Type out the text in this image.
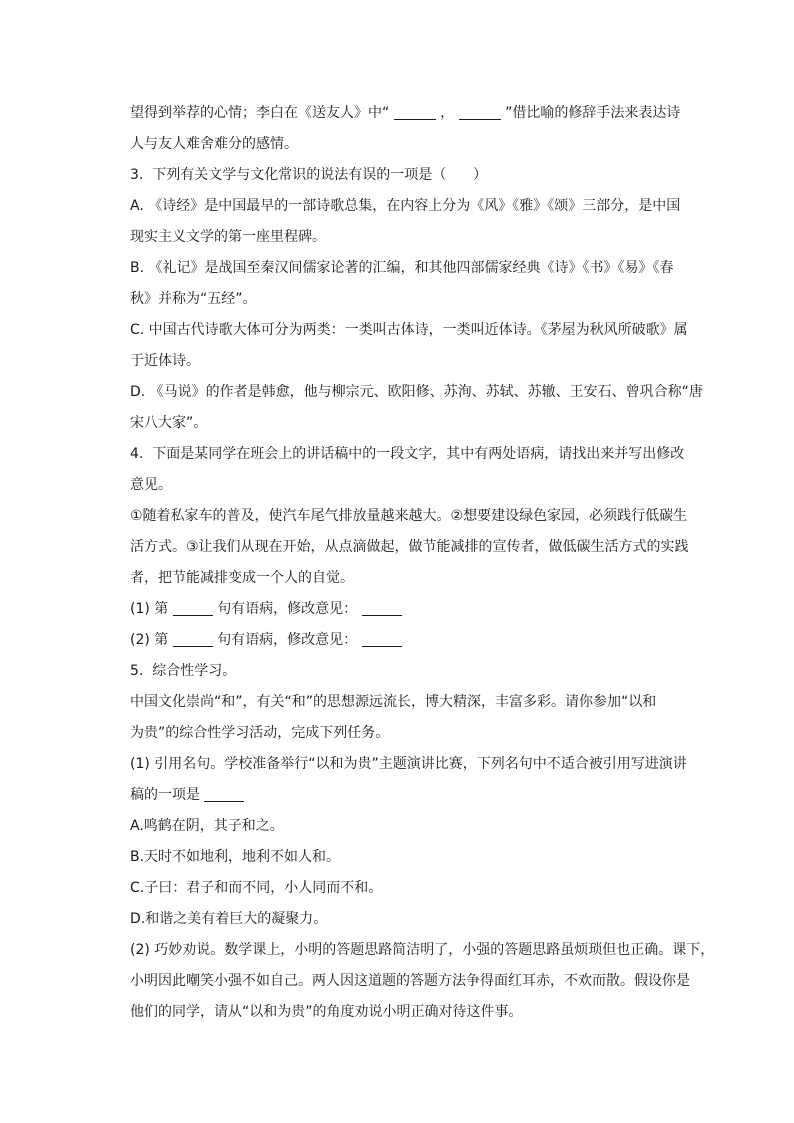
望得到举荐的心情；李白在《送友人》中“	，	”借比喻的修辞手法来表达诗
人与友人难舍难分的感情。
3.  下列有关文学与文化常识的说法有误的一项是（      ）
A. 《诗经》是中国最早的一部诗歌总集，在内容上分为《风》《雅》《颂》三部分，是中国
现实主义文学的第一座里程碑。
B. 《礼记》是战国至秦汉间儒家论著的汇编，和其他四部儒家经典《诗》《书》《易》《春
秋》并称为“五经”。
C. 中国古代诗歌大体可分为两类：一类叫古体诗，一类叫近体诗。《茅屋为秋风所破歌》属
于近体诗。
D. 《马说》的作者是韩愈，他与柳宗元、欧阳修、苏洵、苏轼、苏辙、王安石、曾巩合称“唐
宋八大家”。
4.  下面是某同学在班会上的讲话稿中的一段文字，其中有两处语病，请找出来并写出修改
意见。
①随着私家车的普及，使汽车尾气排放量越来越大。②想要建设绿色家园，必须践行低碳生
活方式。③让我们从现在开始，从点滴做起，做节能减排的宣传者，做低碳生活方式的实践
者，把节能减排变成一个人的自觉。
(1) 第	句有语病，修改意见：
(2) 第	句有语病，修改意见：
5.  综合性学习。
中国文化崇尚“和”，有关“和”的思想源远流长，博大精深，丰富多彩。请你参加“以和
为贵”的综合性学习活动，完成下列任务。
(1) 引用名句。学校准备举行“以和为贵”主题演讲比赛，下列名句中不适合被引用写进演讲
稿的一项是
A.鸣鹤在阴，其子和之。
B.天时不如地利，地利不如人和。
C.子曰：君子和而不同，小人同而不和。
D.和谐之美有着巨大的凝聚力。
(2) 巧妙劝说。数学课上，小明的答题思路简洁明了，小强的答题思路虽烦琐但也正确。课下，
小明因此嘲笑小强不如自己。两人因这道题的答题方法争得面红耳赤，不欢而散。假设你是
他们的同学，请从“以和为贵”的角度劝说小明正确对待这件事。
